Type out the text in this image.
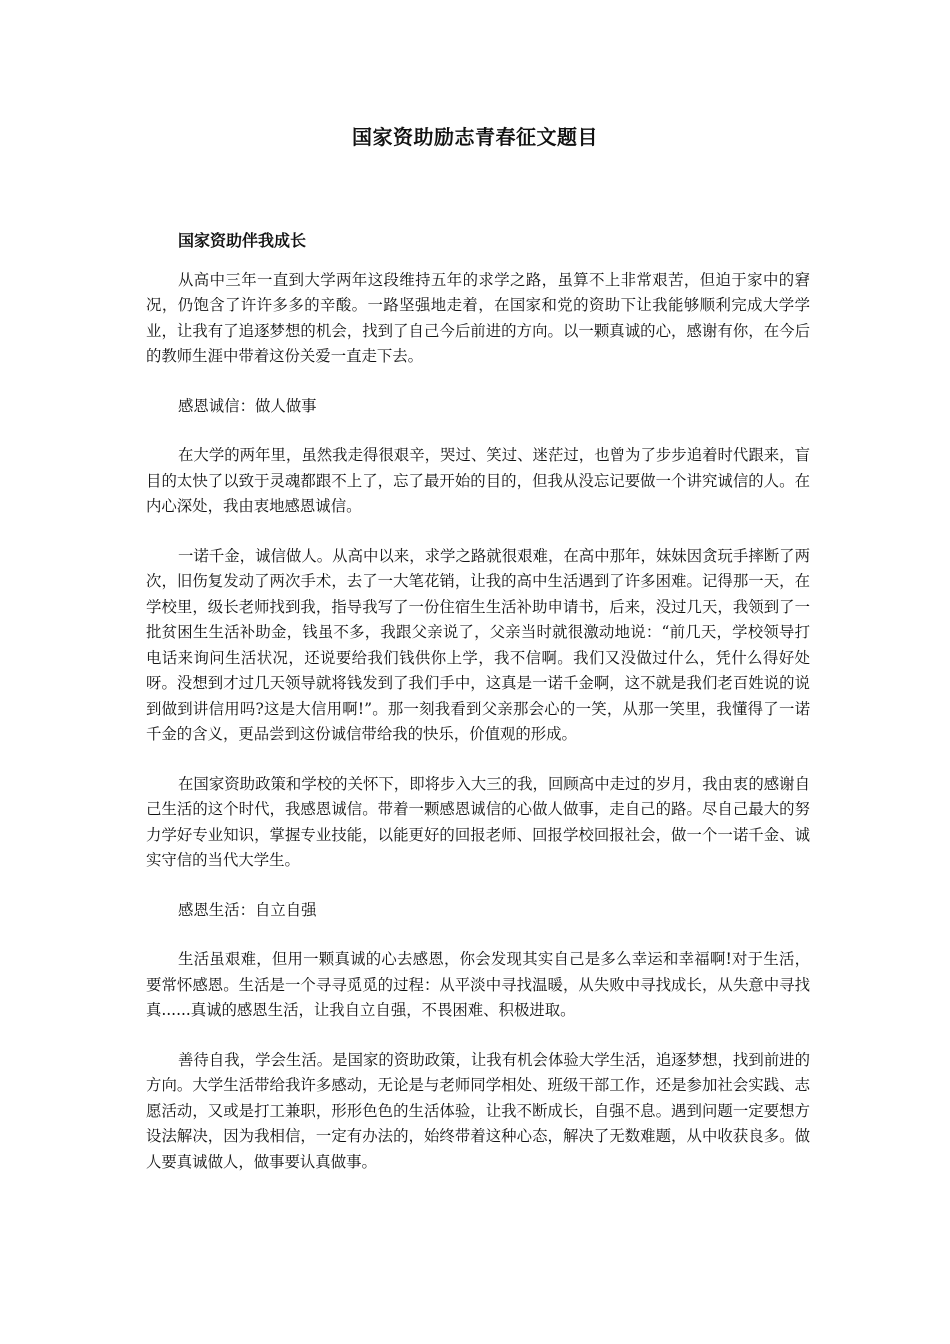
国家资助励志青春征文题目

国家资助伴我成长

从高中三年一直到大学两年这段维持五年的求学之路，虽算不上非常艰苦，但迫于家中的窘况，仍饱含了许许多多的辛酸。一路坚强地走着，在国家和党的资助下让我能够顺利完成大学学业，让我有了追逐梦想的机会，找到了自己今后前进的方向。以一颗真诚的心，感谢有你，在今后的教师生涯中带着这份关爱一直走下去。

感恩诚信：做人做事

在大学的两年里，虽然我走得很艰辛，哭过、笑过、迷茫过，也曾为了步步追着时代跟来，盲目的太快了以致于灵魂都跟不上了，忘了最开始的目的，但我从没忘记要做一个讲究诚信的人。在内心深处，我由衷地感恩诚信。

一诺千金，诚信做人。从高中以来，求学之路就很艰难，在高中那年，妹妹因贪玩手摔断了两次，旧伤复发动了两次手术，去了一大笔花销，让我的高中生活遇到了许多困难。记得那一天，在学校里，级长老师找到我，指导我写了一份住宿生生活补助申请书，后来，没过几天，我领到了一批贫困生生活补助金，钱虽不多，我跟父亲说了，父亲当时就很激动地说：“前几天，学校领导打电话来询问生活状况，还说要给我们钱供你上学，我不信啊。我们又没做过什么，凭什么得好处呀。没想到才过几天领导就将钱发到了我们手中，这真是一诺千金啊，这不就是我们老百姓说的说到做到讲信用吗?这是大信用啊!”。那一刻我看到父亲那会心的一笑，从那一笑里，我懂得了一诺千金的含义，更品尝到这份诚信带给我的快乐，价值观的形成。

在国家资助政策和学校的关怀下，即将步入大三的我，回顾高中走过的岁月，我由衷的感谢自己生活的这个时代，我感恩诚信。带着一颗感恩诚信的心做人做事，走自己的路。尽自己最大的努力学好专业知识，掌握专业技能，以能更好的回报老师、回报学校回报社会，做一个一诺千金、诚实守信的当代大学生。

感恩生活：自立自强

生活虽艰难，但用一颗真诚的心去感恩，你会发现其实自己是多么幸运和幸福啊!对于生活，要常怀感恩。生活是一个寻寻觅觅的过程：从平淡中寻找温暖，从失败中寻找成长，从失意中寻找真......真诚的感恩生活，让我自立自强，不畏困难、积极进取。

善待自我，学会生活。是国家的资助政策，让我有机会体验大学生活，追逐梦想，找到前进的方向。大学生活带给我许多感动，无论是与老师同学相处、班级干部工作，还是参加社会实践、志愿活动，又或是打工兼职，形形色色的生活体验，让我不断成长，自强不息。遇到问题一定要想方设法解决，因为我相信，一定有办法的，始终带着这种心态，解决了无数难题，从中收获良多。做人要真诚做人，做事要认真做事。
